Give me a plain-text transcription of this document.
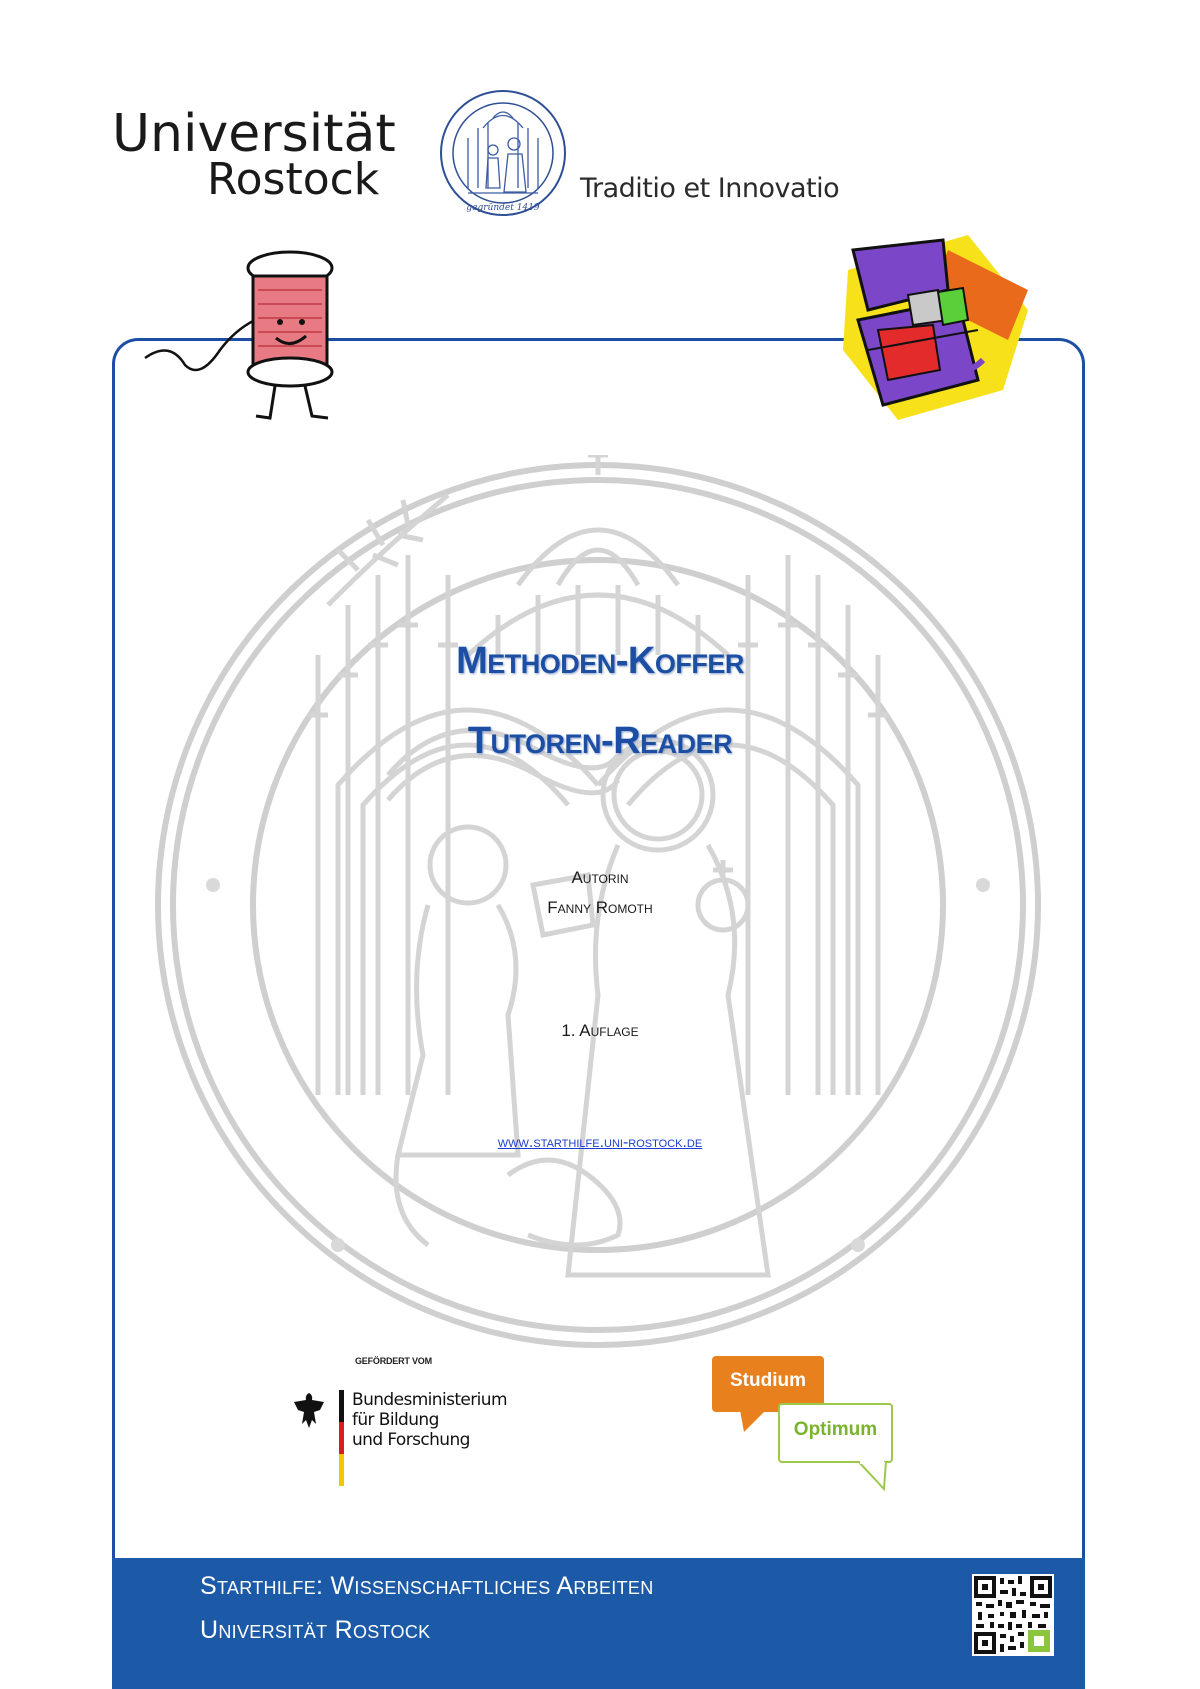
Universität
Rostock
gegründet 1419
Traditio et Innovatio
Methoden-Koffer
Tutoren-Reader
Autorin
Fanny Romoth
1. Auflage
www.starthilfe.uni-rostock.de
GEFÖRDERT VOM
Bundesministerium
für Bildung
und Forschung
Studium
Optimum
Starthilfe: Wissenschaftliches Arbeiten
Universität Rostock
